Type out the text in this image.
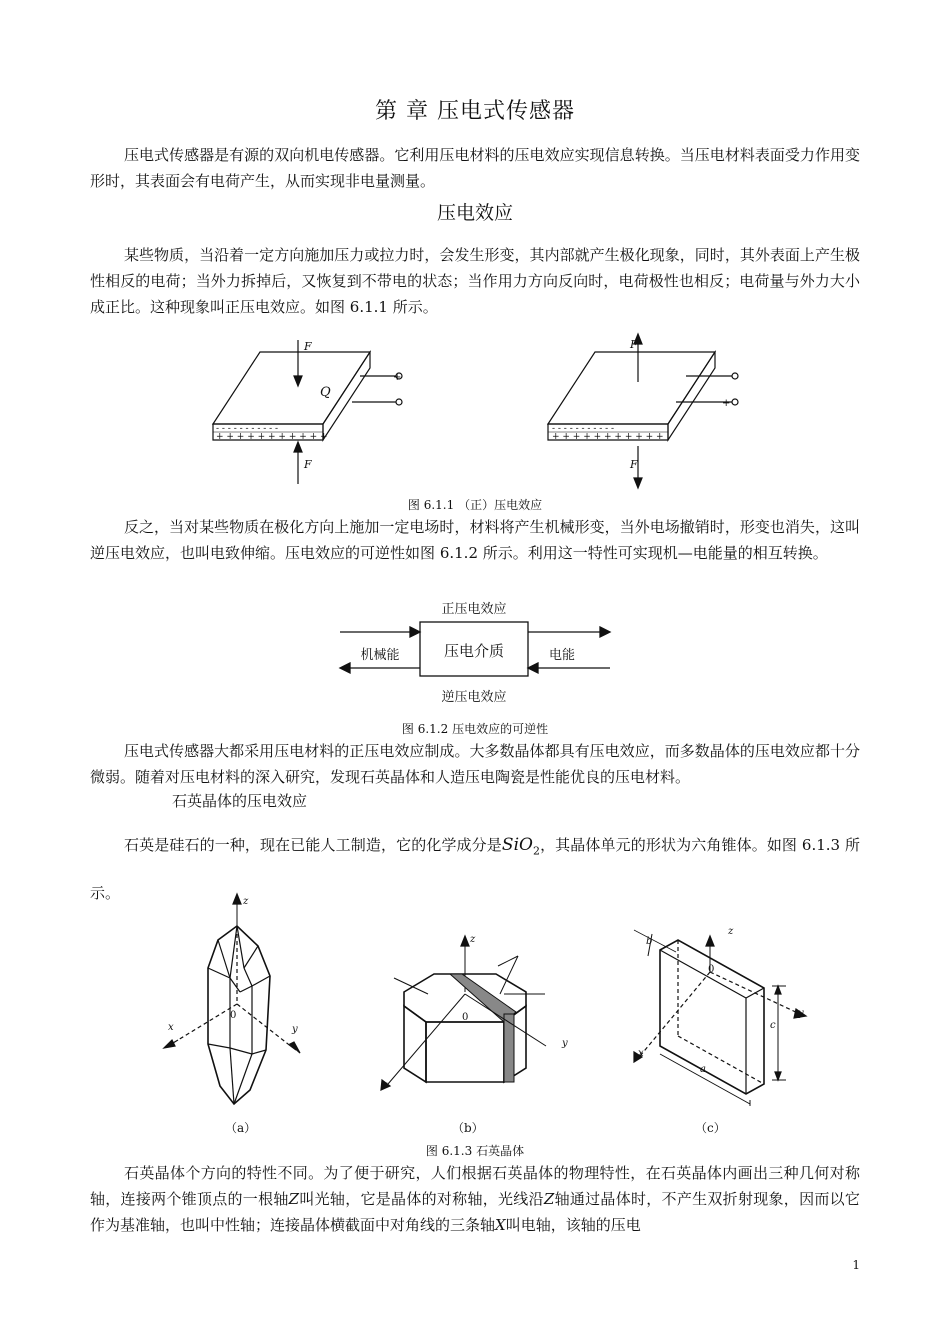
第 章 压电式传感器
压电式传感器是有源的双向机电传感器。它利用压电材料的压电效应实现信息转换。当压电材料表面受力作用变形时，其表面会有电荷产生，从而实现非电量测量。
压电效应
某些物质，当沿着一定方向施加压力或拉力时，会发生形变，其内部就产生极化现象，同时，其外表面上产生极性相反的电荷；当外力拆掉后，又恢复到不带电的状态；当作用力方向反向时，电荷极性也相反；电荷量与外力大小成正比。这种现象叫正压电效应。如图 6.1.1 所示。
F
Q
F
- - - - - - - - - - -
+ + + + + + + + + + +
+
F
F
- - - - - - - - - - -
+ + + + + + + + + + +
+
图 6.1.1 （正）压电效应
反之，当对某些物质在极化方向上施加一定电场时，材料将产生机械形变，当外电场撤销时，形变也消失，这叫逆压电效应，也叫电致伸缩。压电效应的可逆性如图 6.1.2 所示。利用这一特性可实现机—电能量的相互转换。
正压电效应
压电介质
机械能	电能
逆压电效应
图 6.1.2 压电效应的可逆性
压电式传感器大都采用压电材料的正压电效应制成。大多数晶体都具有压电效应，而多数晶体的压电效应都十分微弱。随着对压电材料的深入研究，发现石英晶体和人造压电陶瓷是性能优良的压电材料。
石英晶体的压电效应
石英是硅石的一种，现在已能人工制造，它的化学成分是SiO$_2$，其晶体单元的形状为六角锥体。如图 6.1.3 所示。	z
x	y
0
z
y
x
0
z
y
x
0
b
c
a
（a）	（b）	（c）
图 6.1.3 石英晶体
石英晶体个方向的特性不同。为了便于研究，人们根据石英晶体的物理特性，在石英晶体内画出三种几何对称轴，连接两个锥顶点的一根轴Z叫光轴，它是晶体的对称轴，光线沿Z轴通过晶体时，不产生双折射现象，因而以它作为基准轴，也叫中性轴；连接晶体横截面中对角线的三条轴X叫电轴，该轴的压电
1
